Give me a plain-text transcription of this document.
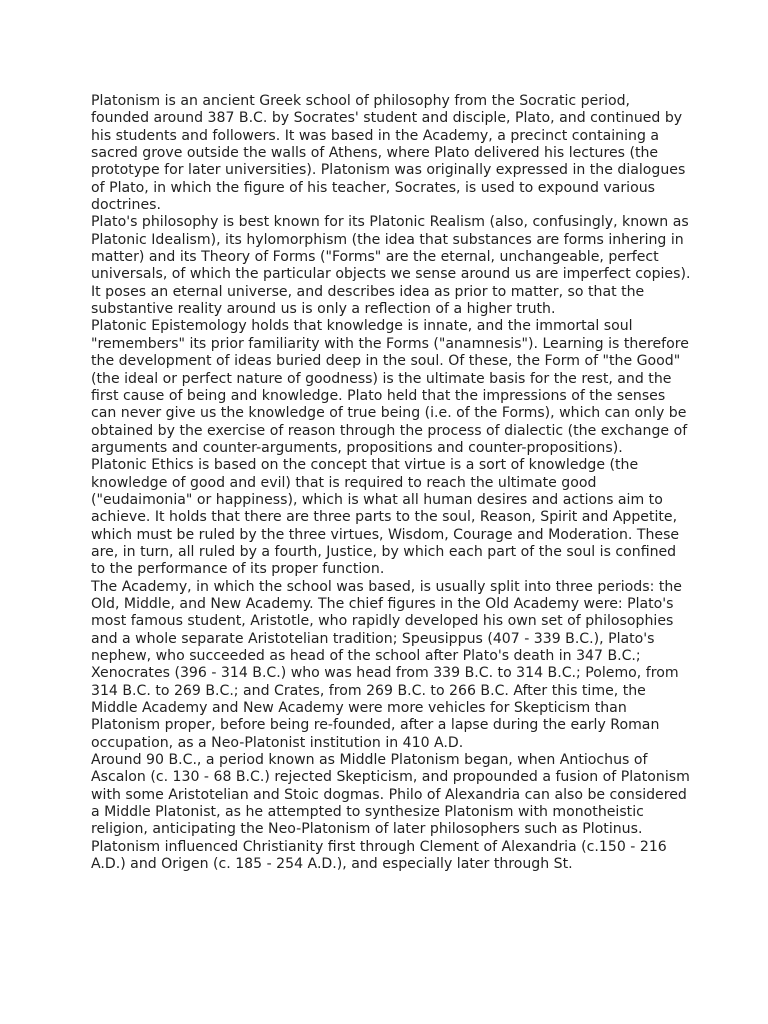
Platonism is an ancient Greek school of philosophy from the Socratic period, founded around 387 B.C. by Socrates' student and disciple, Plato, and continued by his students and followers. It was based in the Academy, a precinct containing a sacred grove outside the walls of Athens, where Plato delivered his lectures (the prototype for later universities). Platonism was originally expressed in the dialogues of Plato, in which the figure of his teacher, Socrates, is used to expound various doctrines.

Plato's philosophy is best known for its Platonic Realism (also, confusingly, known as Platonic Idealism), its hylomorphism (the idea that substances are forms inhering in matter) and its Theory of Forms ("Forms" are the eternal, unchangeable, perfect universals, of which the particular objects we sense around us are imperfect copies). It poses an eternal universe, and describes idea as prior to matter, so that the substantive reality around us is only a reflection of a higher truth.

Platonic Epistemology holds that knowledge is innate, and the immortal soul "remembers" its prior familiarity with the Forms ("anamnesis"). Learning is therefore the development of ideas buried deep in the soul. Of these, the Form of "the Good" (the ideal or perfect nature of goodness) is the ultimate basis for the rest, and the first cause of being and knowledge. Plato held that the impressions of the senses can never give us the knowledge of true being (i.e. of the Forms), which can only be obtained by the exercise of reason through the process of dialectic (the exchange of arguments and counter-arguments, propositions and counter-propositions).

Platonic Ethics is based on the concept that virtue is a sort of knowledge (the knowledge of good and evil) that is required to reach the ultimate good ("eudaimonia" or happiness), which is what all human desires and actions aim to achieve. It holds that there are three parts to the soul, Reason, Spirit and Appetite, which must be ruled by the three virtues, Wisdom, Courage and Moderation. These are, in turn, all ruled by a fourth, Justice, by which each part of the soul is confined to the performance of its proper function.

The Academy, in which the school was based, is usually split into three periods: the Old, Middle, and New Academy. The chief figures in the Old Academy were: Plato's most famous student, Aristotle, who rapidly developed his own set of philosophies and a whole separate Aristotelian tradition; Speusippus (407 - 339 B.C.), Plato's nephew, who succeeded as head of the school after Plato's death in 347 B.C.; Xenocrates (396 - 314 B.C.) who was head from 339 B.C. to 314 B.C.; Polemo, from 314 B.C. to 269 B.C.; and Crates, from 269 B.C. to 266 B.C. After this time, the Middle Academy and New Academy were more vehicles for Skepticism than Platonism proper, before being re-founded, after a lapse during the early Roman occupation, as a Neo-Platonist institution in 410 A.D.

Around 90 B.C., a period known as Middle Platonism began, when Antiochus of Ascalon (c. 130 - 68 B.C.) rejected Skepticism, and propounded a fusion of Platonism with some Aristotelian and Stoic dogmas. Philo of Alexandria can also be considered a Middle Platonist, as he attempted to synthesize Platonism with monotheistic religion, anticipating the Neo-Platonism of later philosophers such as Plotinus.

Platonism influenced Christianity first through Clement of Alexandria (c.150 - 216 A.D.) and Origen (c. 185 - 254 A.D.), and especially later through St.
